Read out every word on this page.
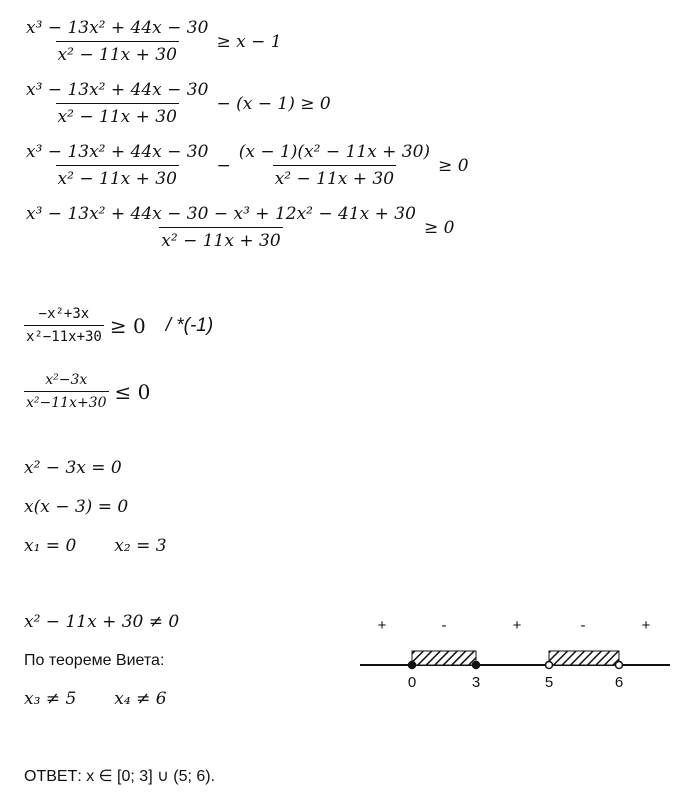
$\frac{\text{x³ − 13x² + 44x − 30}}{\text{x² − 11x + 30}} \ge x - 1$
$\frac{\text{x³ − 13x² + 44x − 30}}{\text{x² − 11x + 30}} - (x - 1) \ge 0$
$\frac{\text{x³ − 13x² + 44x − 30}}{\text{x² − 11x + 30}} - \frac{\text{(x − 1)(x² − 11x + 30)}}{\text{x² − 11x + 30}} \ge 0$
$\frac{\text{x³ − 13x² + 44x − 30 − x³ + 12x² − 41x + 30}}{\text{x² − 11x + 30}} \ge 0$
$\frac{\text{−x²+3x}}{\text{x²−11x+30}} \ge 0 / *(-1)$
$\frac{\text{x²−3x}}{\text{x²−11x+30}} \le 0$
x² − 3x = 0
x(x − 3) = 0
x₁ = 0 x₂ = 3
x² − 11x + 30 ≠ 0
По теореме Виета:
x₃ ≠ 5 x₄ ≠ 6
ОТВЕТ: x ∈ [0; 3] ∪ (5; 6).
+	-	+	-	+
0	3	5	6
